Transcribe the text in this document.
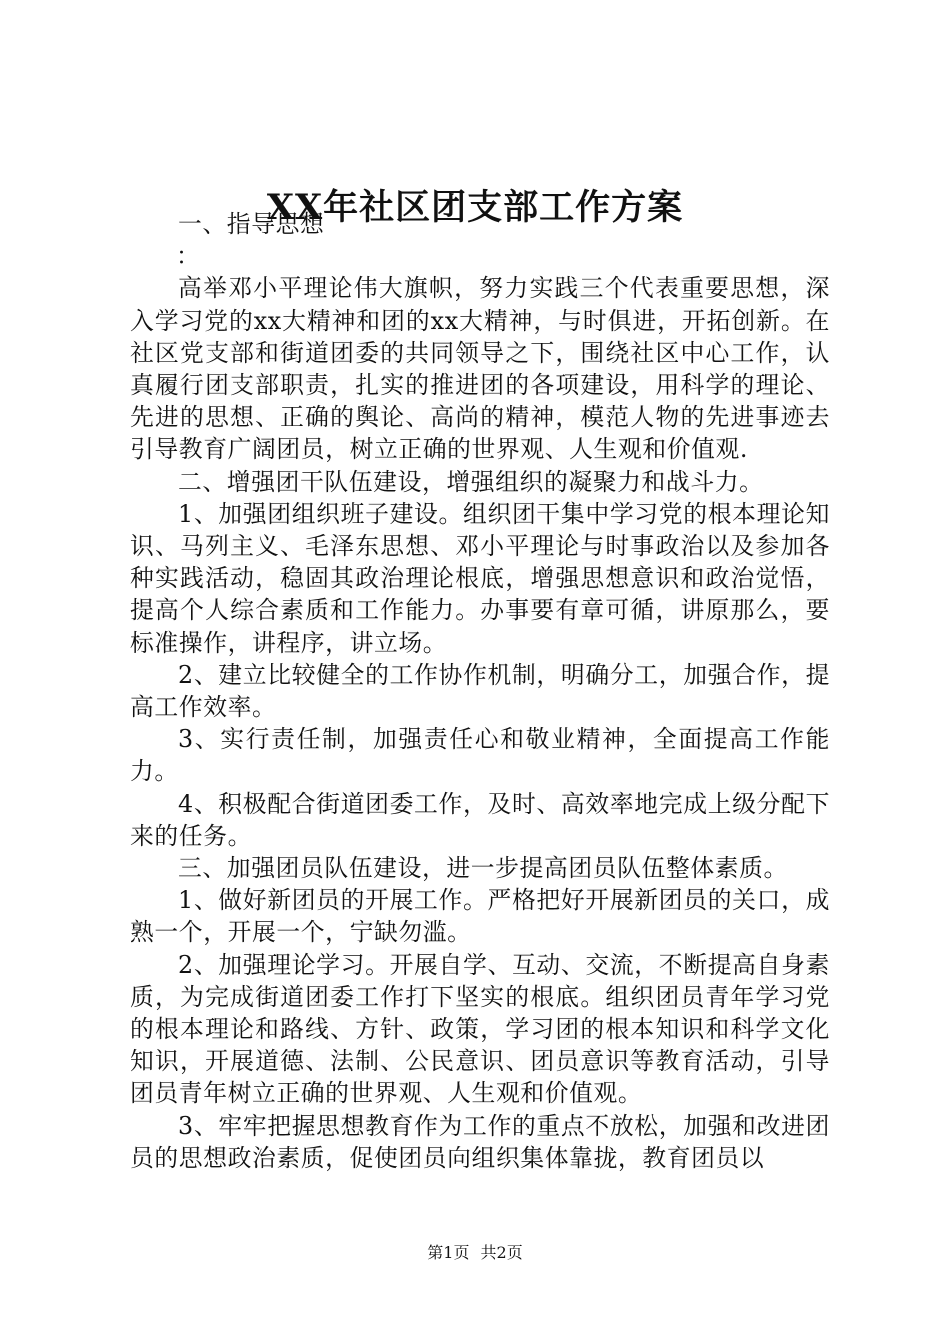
XX年社区团支部工作方案

一、指导思想

：

高举邓小平理论伟大旗帜，努力实践三个代表重要思想，深入学习党的xx大精神和团的xx大精神，与时俱进，开拓创新。在社区党支部和街道团委的共同领导之下，围绕社区中心工作，认真履行团支部职责，扎实的推进团的各项建设，用科学的理论、先进的思想、正确的舆论、高尚的精神，模范人物的先进事迹去引导教育广阔团员，树立正确的世界观、人生观和价值观.

二、增强团干队伍建设，增强组织的凝聚力和战斗力。

1、加强团组织班子建设。组织团干集中学习党的根本理论知识、马列主义、毛泽东思想、邓小平理论与时事政治以及参加各种实践活动，稳固其政治理论根底，增强思想意识和政治觉悟，提高个人综合素质和工作能力。办事要有章可循，讲原那么，要标准操作，讲程序，讲立场。

2、建立比较健全的工作协作机制，明确分工，加强合作，提高工作效率。

3、实行责任制，加强责任心和敬业精神，全面提高工作能力。

4、积极配合街道团委工作，及时、高效率地完成上级分配下来的任务。

三、加强团员队伍建设，进一步提高团员队伍整体素质。

1、做好新团员的开展工作。严格把好开展新团员的关口，成熟一个，开展一个，宁缺勿滥。

2、加强理论学习。开展自学、互动、交流，不断提高自身素质，为完成街道团委工作打下坚实的根底。组织团员青年学习党的根本理论和路线、方针、政策，学习团的根本知识和科学文化知识，开展道德、法制、公民意识、团员意识等教育活动，引导团员青年树立正确的世界观、人生观和价值观。

3、牢牢把握思想教育作为工作的重点不放松，加强和改进团员的思想政治素质，促使团员向组织集体靠拢，教育团员以

第1页 共2页
